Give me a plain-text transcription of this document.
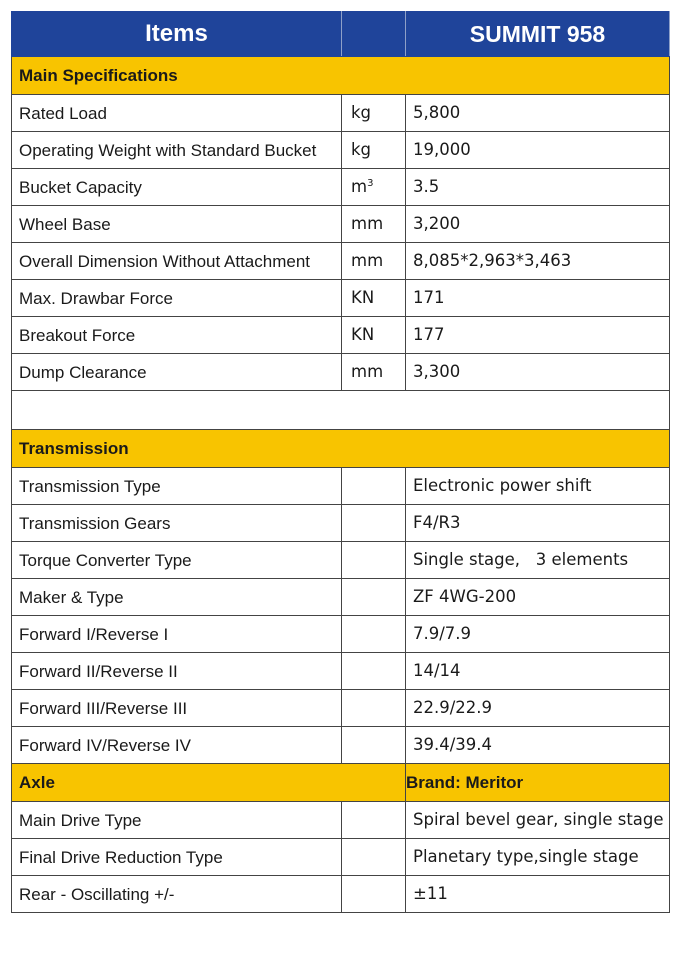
Items		SUMMIT 958
Main Specifications		
Rated Load	kg	5,800
Operating Weight with Standard Bucket	kg	19,000
Bucket Capacity	$m^3$	3.5
Wheel Base	mm	3,200
Overall Dimension Without Attachment	mm	8,085*2,963*3,463
Max. Drawbar Force	KN	171
Breakout Force	KN	177
Dump Clearance	mm	3,300

Transmission		
Transmission Type		Electronic power shift
Transmission Gears		F4/R3
Torque Converter Type		Single stage,   3 elements
Maker & Type		ZF 4WG-200
Forward I/Reverse I		7.9/7.9
Forward II/Reverse II		14/14
Forward III/Reverse III		22.9/22.9
Forward IV/Reverse IV		39.4/39.4
Axle		Brand: Meritor
Main Drive Type		Spiral bevel gear, single stage
Final Drive Reduction Type		Planetary type,single stage
Rear - Oscillating +/-		±11
